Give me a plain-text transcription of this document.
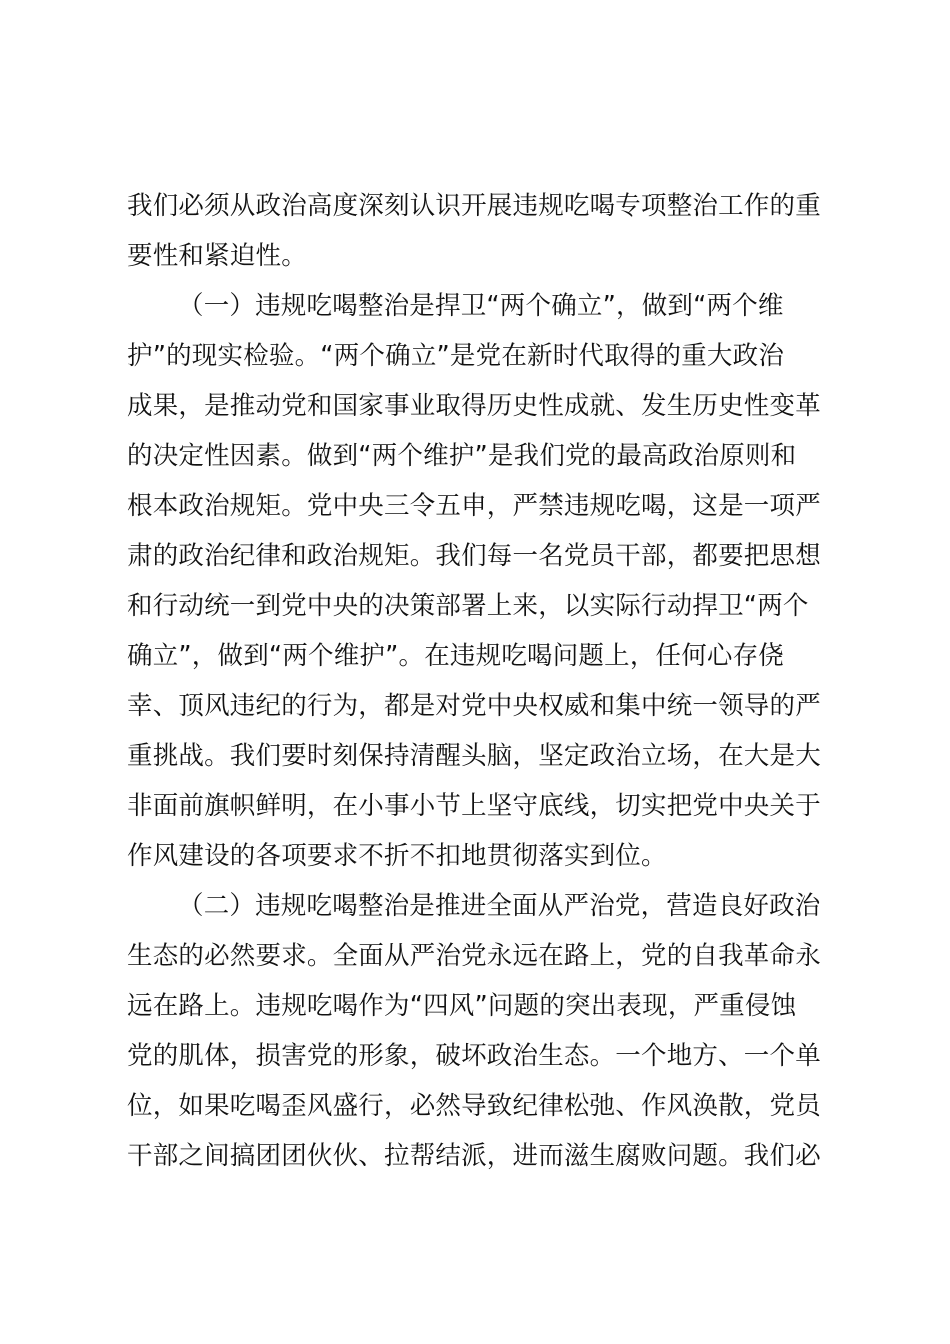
我们必须从政治高度深刻认识开展违规吃喝专项整治工作的重
要性和紧迫性。
（一）违规吃喝整治是捍卫“两个确立”，做到“两个维
护”的现实检验。“两个确立”是党在新时代取得的重大政治
成果，是推动党和国家事业取得历史性成就、发生历史性变革
的决定性因素。做到“两个维护”是我们党的最高政治原则和
根本政治规矩。党中央三令五申，严禁违规吃喝，这是一项严
肃的政治纪律和政治规矩。我们每一名党员干部，都要把思想
和行动统一到党中央的决策部署上来，以实际行动捍卫“两个
确立”，做到“两个维护”。在违规吃喝问题上，任何心存侥
幸、顶风违纪的行为，都是对党中央权威和集中统一领导的严
重挑战。我们要时刻保持清醒头脑，坚定政治立场，在大是大
非面前旗帜鲜明，在小事小节上坚守底线，切实把党中央关于
作风建设的各项要求不折不扣地贯彻落实到位。
（二）违规吃喝整治是推进全面从严治党，营造良好政治
生态的必然要求。全面从严治党永远在路上，党的自我革命永
远在路上。违规吃喝作为“四风”问题的突出表现，严重侵蚀
党的肌体，损害党的形象，破坏政治生态。一个地方、一个单
位，如果吃喝歪风盛行，必然导致纪律松弛、作风涣散，党员
干部之间搞团团伙伙、拉帮结派，进而滋生腐败问题。我们必
